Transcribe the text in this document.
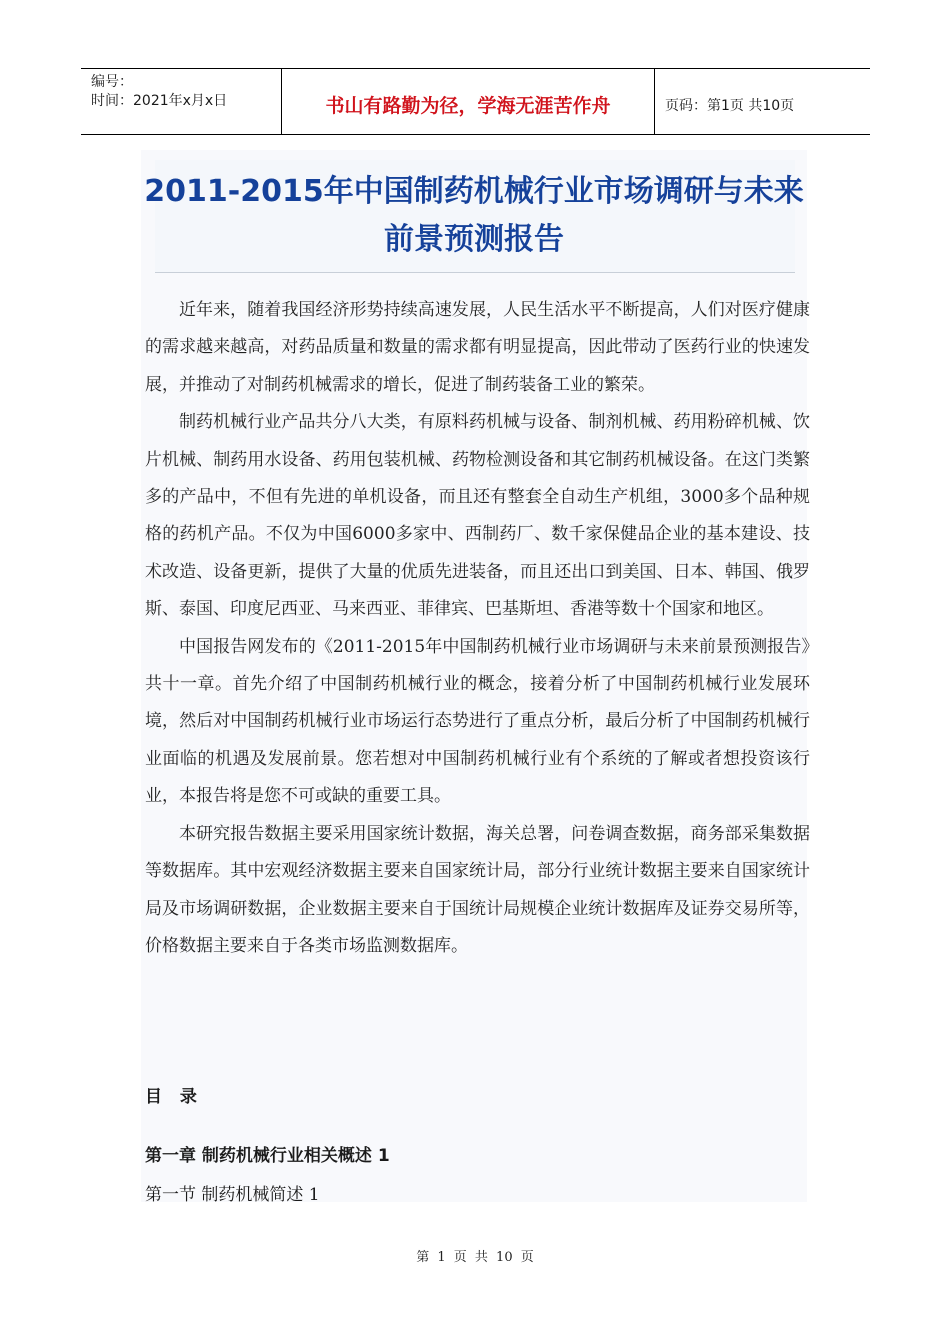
编号：
时间：2021年x月x日	书山有路勤为径，学海无涯苦作舟	页码：第1页 共10页
2011-2015年中国制药机械行业市场调研与未来前景预测报告

近年来，随着我国经济形势持续高速发展，人民生活水平不断提高，人们对医疗健康的需求越来越高，对药品质量和数量的需求都有明显提高，因此带动了医药行业的快速发展，并推动了对制药机械需求的增长，促进了制药装备工业的繁荣。

制药机械行业产品共分八大类，有原料药机械与设备、制剂机械、药用粉碎机械、饮片机械、制药用水设备、药用包装机械、药物检测设备和其它制药机械设备。在这门类繁多的产品中，不但有先进的单机设备，而且还有整套全自动生产机组，3000多个品种规格的药机产品。不仅为中国6000多家中、西制药厂、数千家保健品企业的基本建设、技术改造、设备更新，提供了大量的优质先进装备，而且还出口到美国、日本、韩国、俄罗斯、泰国、印度尼西亚、马来西亚、菲律宾、巴基斯坦、香港等数十个国家和地区。

中国报告网发布的《2011-2015年中国制药机械行业市场调研与未来前景预测报告》共十一章。首先介绍了中国制药机械行业的概念，接着分析了中国制药机械行业发展环境，然后对中国制药机械行业市场运行态势进行了重点分析，最后分析了中国制药机械行业面临的机遇及发展前景。您若想对中国制药机械行业有个系统的了解或者想投资该行业，本报告将是您不可或缺的重要工具。

本研究报告数据主要采用国家统计数据，海关总署，问卷调查数据，商务部采集数据等数据库。其中宏观经济数据主要来自国家统计局，部分行业统计数据主要来自国家统计局及市场调研数据，企业数据主要来自于国统计局规模企业统计数据库及证券交易所等，价格数据主要来自于各类市场监测数据库。

目 录
第一章 制药机械行业相关概述 1
第一节 制药机械简述 1
第 1 页 共 10 页
